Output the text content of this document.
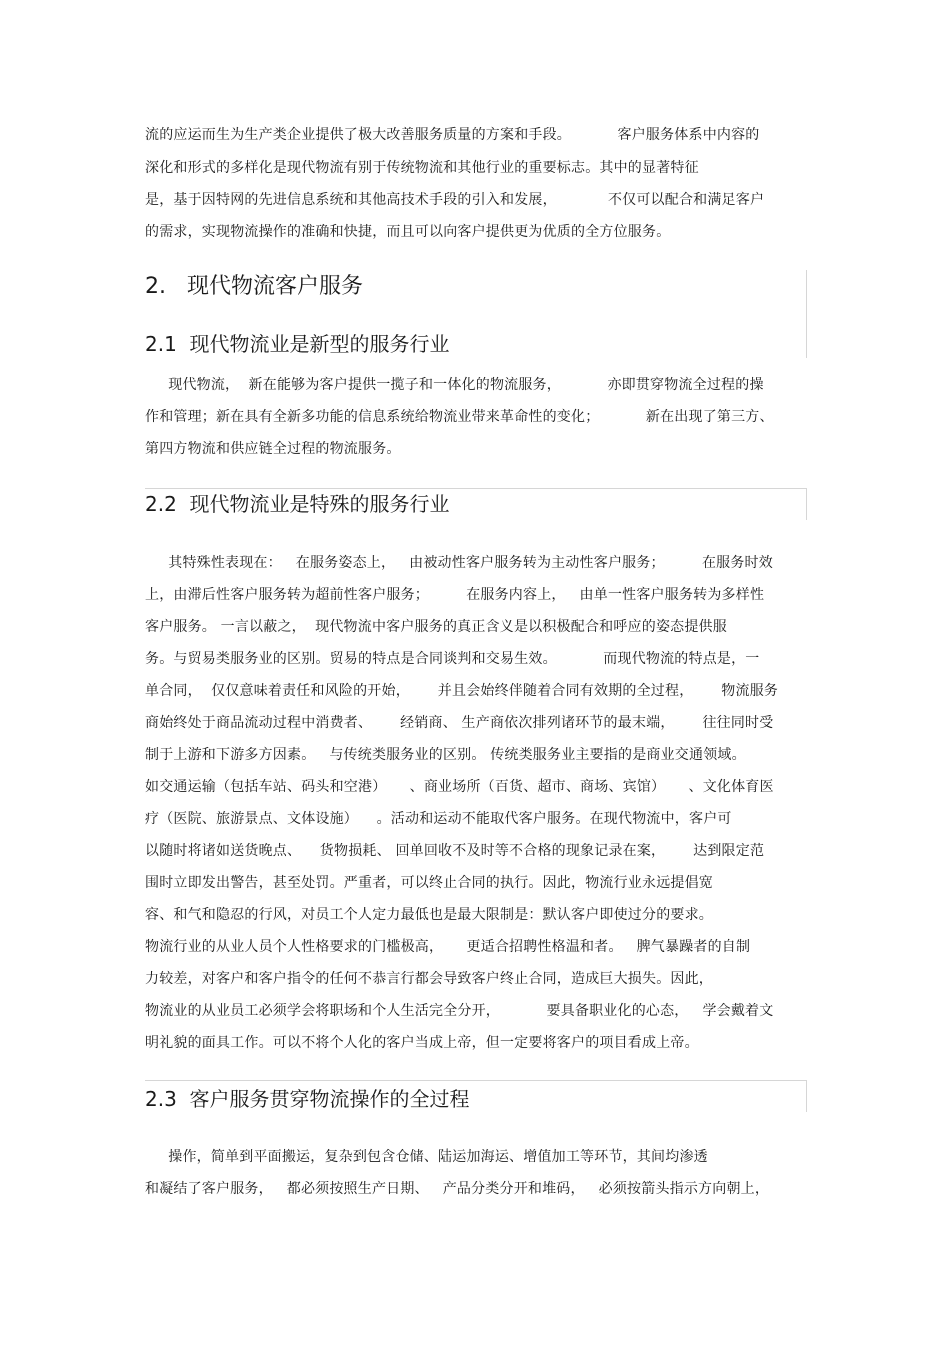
流的应运而生为生产类企业提供了极大改善服务质量的方案和手段。          客户服务体系中内容的
深化和形式的多样化是现代物流有别于传统物流和其他行业的重要标志。其中的显著特征
是，基于因特网的先进信息系统和其他高技术手段的引入和发展，           不仅可以配合和满足客户
的需求，实现物流操作的准确和快捷，而且可以向客户提供更为优质的全方位服务。
2.   现代物流客户服务
2.1  现代物流业是新型的服务行业
现代物流，  新在能够为客户提供一揽子和一体化的物流服务，          亦即贯穿物流全过程的操
作和管理；新在具有全新多功能的信息系统给物流业带来革命性的变化；          新在出现了第三方、
第四方物流和供应链全过程的物流服务。
2.2  现代物流业是特殊的服务行业
其特殊性表现在：   在服务姿态上，   由被动性客户服务转为主动性客户服务；        在服务时效
上，由滞后性客户服务转为超前性客户服务；        在服务内容上，   由单一性客户服务转为多样性
客户服务。 一言以蔽之，  现代物流中客户服务的真正含义是以积极配合和呼应的姿态提供服
务。与贸易类服务业的区别。贸易的特点是合同谈判和交易生效。          而现代物流的特点是，一
单合同，  仅仅意味着责任和风险的开始，      并且会始终伴随着合同有效期的全过程，      物流服务
商始终处于商品流动过程中消费者、      经销商、 生产商依次排列诸环节的最末端，      往往同时受
制于上游和下游多方因素。   与传统类服务业的区别。 传统类服务业主要指的是商业交通领域。
如交通运输（包括车站、码头和空港）     、商业场所（百货、超市、商场、宾馆）     、文化体育医
疗（医院、旅游景点、文体设施）    。活动和运动不能取代客户服务。在现代物流中，客户可
以随时将诸如送货晚点、    货物损耗、 回单回收不及时等不合格的现象记录在案，      达到限定范
围时立即发出警告，甚至处罚。严重者，可以终止合同的执行。因此，物流行业永远提倡宽
容、和气和隐忍的行风，对员工个人定力最低也是最大限制是：默认客户即使过分的要求。
物流行业的从业人员个人性格要求的门槛极高，     更适合招聘性格温和者。   脾气暴躁者的自制
力较差，对客户和客户指令的任何不恭言行都会导致客户终止合同，造成巨大损失。因此，
物流业的从业员工必须学会将职场和个人生活完全分开，          要具备职业化的心态，   学会戴着文
明礼貌的面具工作。可以不将个人化的客户当成上帝，但一定要将客户的项目看成上帝。
2.3  客户服务贯穿物流操作的全过程
操作，简单到平面搬运，复杂到包含仓储、陆运加海运、增值加工等环节，其间均渗透
和凝结了客户服务，   都必须按照生产日期、   产品分类分开和堆码，   必须按箭头指示方向朝上，
